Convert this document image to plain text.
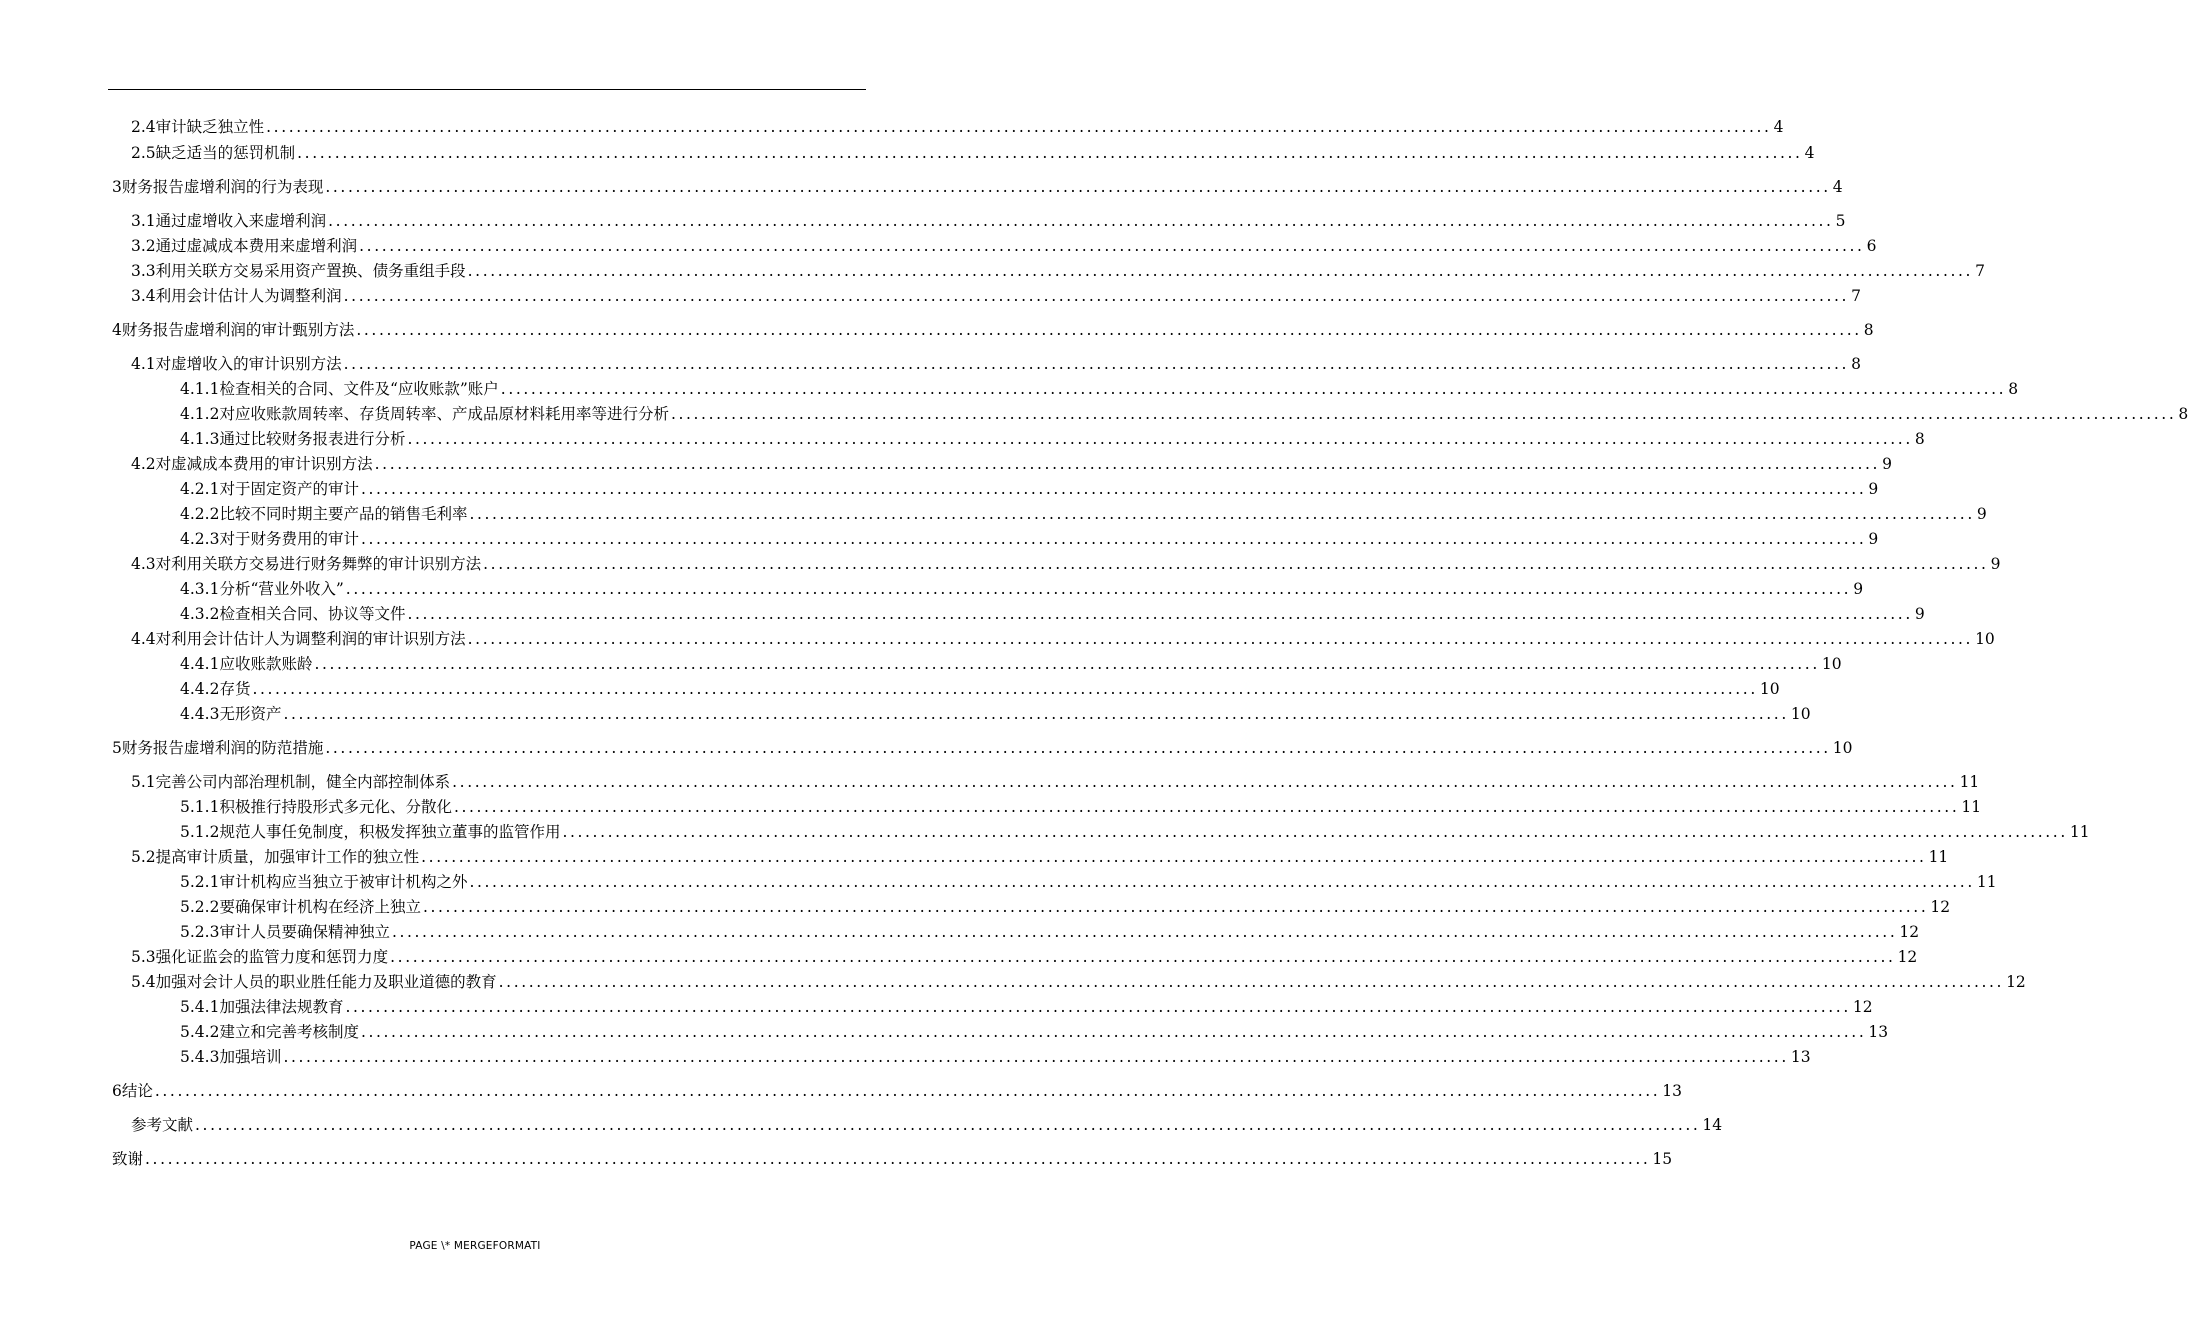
2.4审计缺乏独立性 ........................................................................................................................................................................................................ 4
2.5缺乏适当的惩罚机制 ........................................................................................................................................................................................................ 4
3财务报告虚增利润的行为表现 ........................................................................................................................................................................................................ 4
3.1通过虚增收入来虚增利润 ........................................................................................................................................................................................................ 5
3.2通过虚减成本费用来虚增利润 ........................................................................................................................................................................................................ 6
3.3利用关联方交易采用资产置换、债务重组手段 ........................................................................................................................................................................................................ 7
3.4利用会计估计人为调整利润 ........................................................................................................................................................................................................ 7
4财务报告虚增利润的审计甄别方法 ........................................................................................................................................................................................................ 8
4.1对虚增收入的审计识别方法 ........................................................................................................................................................................................................ 8
4.1.1检查相关的合同、文件及“应收账款”账户 ........................................................................................................................................................................................................ 8
4.1.2对应收账款周转率、存货周转率、产成品原材料耗用率等进行分析 ........................................................................................................................................................................................................ 8
4.1.3通过比较财务报表进行分析 ........................................................................................................................................................................................................ 8
4.2对虚减成本费用的审计识别方法 ........................................................................................................................................................................................................ 9
4.2.1对于固定资产的审计 ........................................................................................................................................................................................................ 9
4.2.2比较不同时期主要产品的销售毛利率 ........................................................................................................................................................................................................ 9
4.2.3对于财务费用的审计 ........................................................................................................................................................................................................ 9
4.3对利用关联方交易进行财务舞弊的审计识别方法 ........................................................................................................................................................................................................ 9
4.3.1分析“营业外收入” ........................................................................................................................................................................................................ 9
4.3.2检查相关合同、协议等文件 ........................................................................................................................................................................................................ 9
4.4对利用会计估计人为调整利润的审计识别方法 ........................................................................................................................................................................................................ 10
4.4.1应收账款账龄 ........................................................................................................................................................................................................ 10
4.4.2存货 ........................................................................................................................................................................................................ 10
4.4.3无形资产 ........................................................................................................................................................................................................ 10
5财务报告虚增利润的防范措施 ........................................................................................................................................................................................................ 10
5.1完善公司内部治理机制，健全内部控制体系 ........................................................................................................................................................................................................ 11
5.1.1积极推行持股形式多元化、分散化 ........................................................................................................................................................................................................ 11
5.1.2规范人事任免制度，积极发挥独立董事的监管作用 ........................................................................................................................................................................................................ 11
5.2提高审计质量，加强审计工作的独立性 ........................................................................................................................................................................................................ 11
5.2.1审计机构应当独立于被审计机构之外 ........................................................................................................................................................................................................ 11
5.2.2要确保审计机构在经济上独立 ........................................................................................................................................................................................................ 12
5.2.3审计人员要确保精神独立 ........................................................................................................................................................................................................ 12
5.3强化证监会的监管力度和惩罚力度 ........................................................................................................................................................................................................ 12
5.4加强对会计人员的职业胜任能力及职业道德的教育 ........................................................................................................................................................................................................ 12
5.4.1加强法律法规教育 ........................................................................................................................................................................................................ 12
5.4.2建立和完善考核制度 ........................................................................................................................................................................................................ 13
5.4.3加强培训 ........................................................................................................................................................................................................ 13
6结论 ........................................................................................................................................................................................................ 13
参考文献 ........................................................................................................................................................................................................ 14
致谢 ........................................................................................................................................................................................................ 15
PAGE \* MERGEFORMATI
